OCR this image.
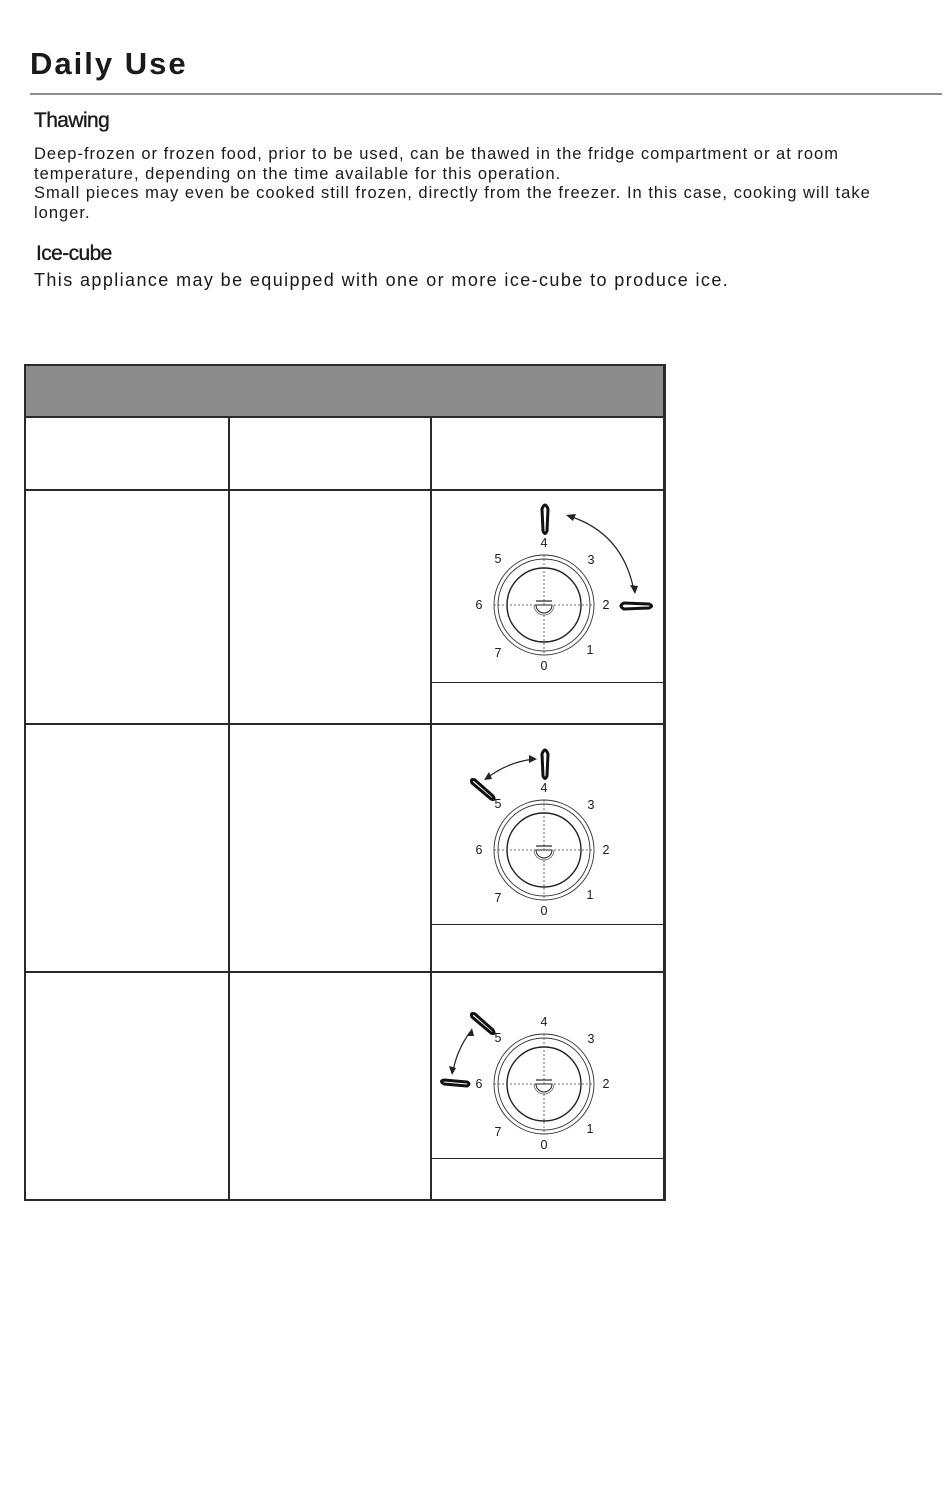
Daily Use
Thawing
Deep-frozen or frozen food, prior to be used, can be thawed in the fridge compartment or at room temperature, depending on the time available for this operation.
Small pieces may even be cooked still frozen, directly from the freezer. In this case, cooking will take longer.
Ice-cube

This appliance may be equipped with one or more ice-cube to produce ice.

4
5	3
6	2
7	1
0
4
5	3
6	2
7	1
0
4
5	3
6	2
7	1
0
